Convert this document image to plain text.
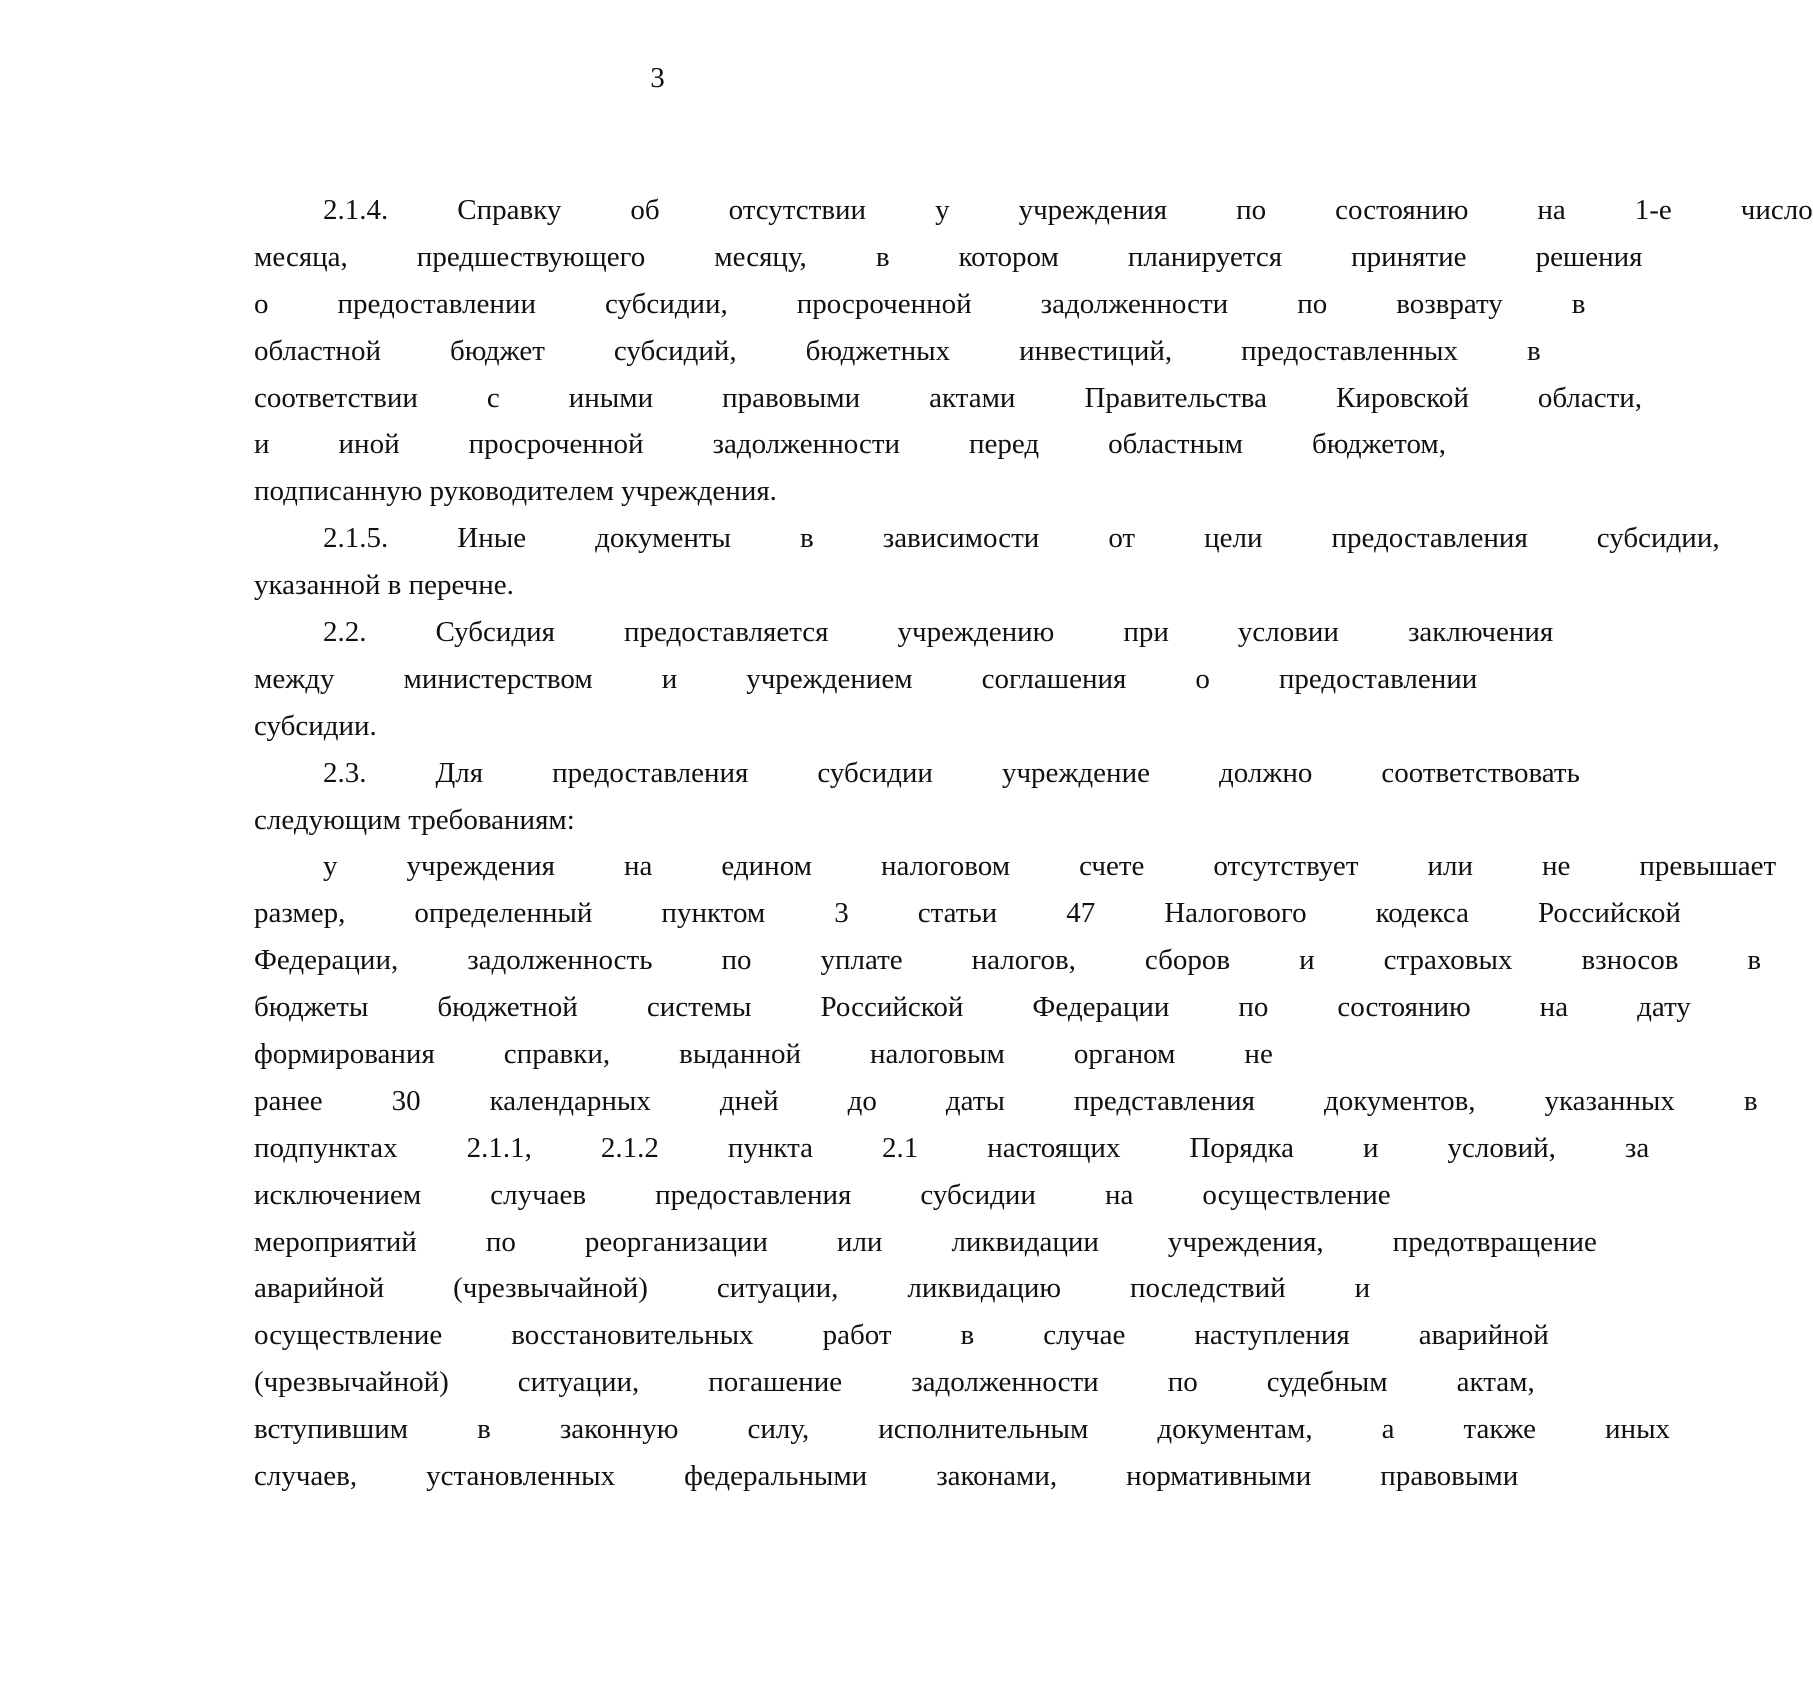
3
2.1.4.	Справку	об	отсутствии	у	учреждения	по	состоянию	на	1-е	число
месяца,	предшествующего	месяцу,	в	котором	планируется	принятие	решения
о	предоставлении	субсидии,	просроченной	задолженности	по	возврату	в
областной	бюджет	субсидий,	бюджетных	инвестиций,	предоставленных	в
соответствии	с	иными	правовыми	актами	Правительства	Кировской	области,
и	иной	просроченной	задолженности	перед	областным	бюджетом,
подписанную руководителем учреждения.
2.1.5.	Иные	документы	в	зависимости	от	цели	предоставления	субсидии,
указанной в перечне.
2.2.	Субсидия	предоставляется	учреждению	при	условии	заключения
между	министерством	и	учреждением	соглашения	о	предоставлении
субсидии.
2.3.	Для	предоставления	субсидии	учреждение	должно	соответствовать
следующим требованиям:
у	учреждения	на	едином	налоговом	счете	отсутствует	или	не	превышает
размер,	определенный	пунктом	3	статьи	47	Налогового	кодекса	Российской
Федерации,	задолженность	по	уплате	налогов,	сборов	и	страховых	взносов	в
бюджеты	бюджетной	системы	Российской	Федерации	по	состоянию	на	дату
формирования	справки,	выданной	налоговым	органом	не
ранее	30	календарных	дней	до	даты	представления	документов,	указанных	в
подпунктах	2.1.1,	2.1.2	пункта	2.1	настоящих	Порядка	и	условий,	за
исключением	случаев	предоставления	субсидии	на	осуществление
мероприятий	по	реорганизации	или	ликвидации	учреждения,	предотвращение
аварийной	(чрезвычайной)	ситуации,	ликвидацию	последствий	и
осуществление	восстановительных	работ	в	случае	наступления	аварийной
(чрезвычайной)	ситуации,	погашение	задолженности	по	судебным	актам,
вступившим	в	законную	силу,	исполнительным	документам,	а	также	иных
случаев,	установленных	федеральными	законами,	нормативными	правовыми
